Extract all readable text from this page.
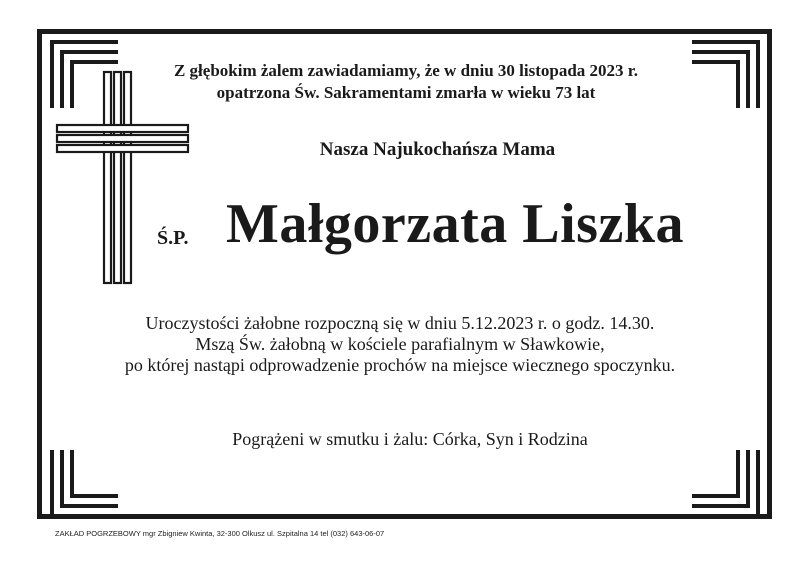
Z głębokim żalem zawiadamiamy, że w dniu 30 listopada 2023 r.
opatrzona Św. Sakramentami zmarła w wieku 73 lat
Nasza Najukochańsza Mama
Ś.P. Małgorzata Liszka
Uroczystości żałobne rozpoczną się w dniu 5.12.2023 r. o godz. 14.30.
Mszą Św. żałobną w kościele parafialnym w Sławkowie,
po której nastąpi odprowadzenie prochów na miejsce wiecznego spoczynku.
Pogrążeni w smutku i żalu: Córka, Syn i Rodzina
ZAKŁAD POGRZEBOWY mgr Zbigniew Kwinta, 32-300 Olkusz ul. Szpitalna 14 tel (032) 643-06-07
